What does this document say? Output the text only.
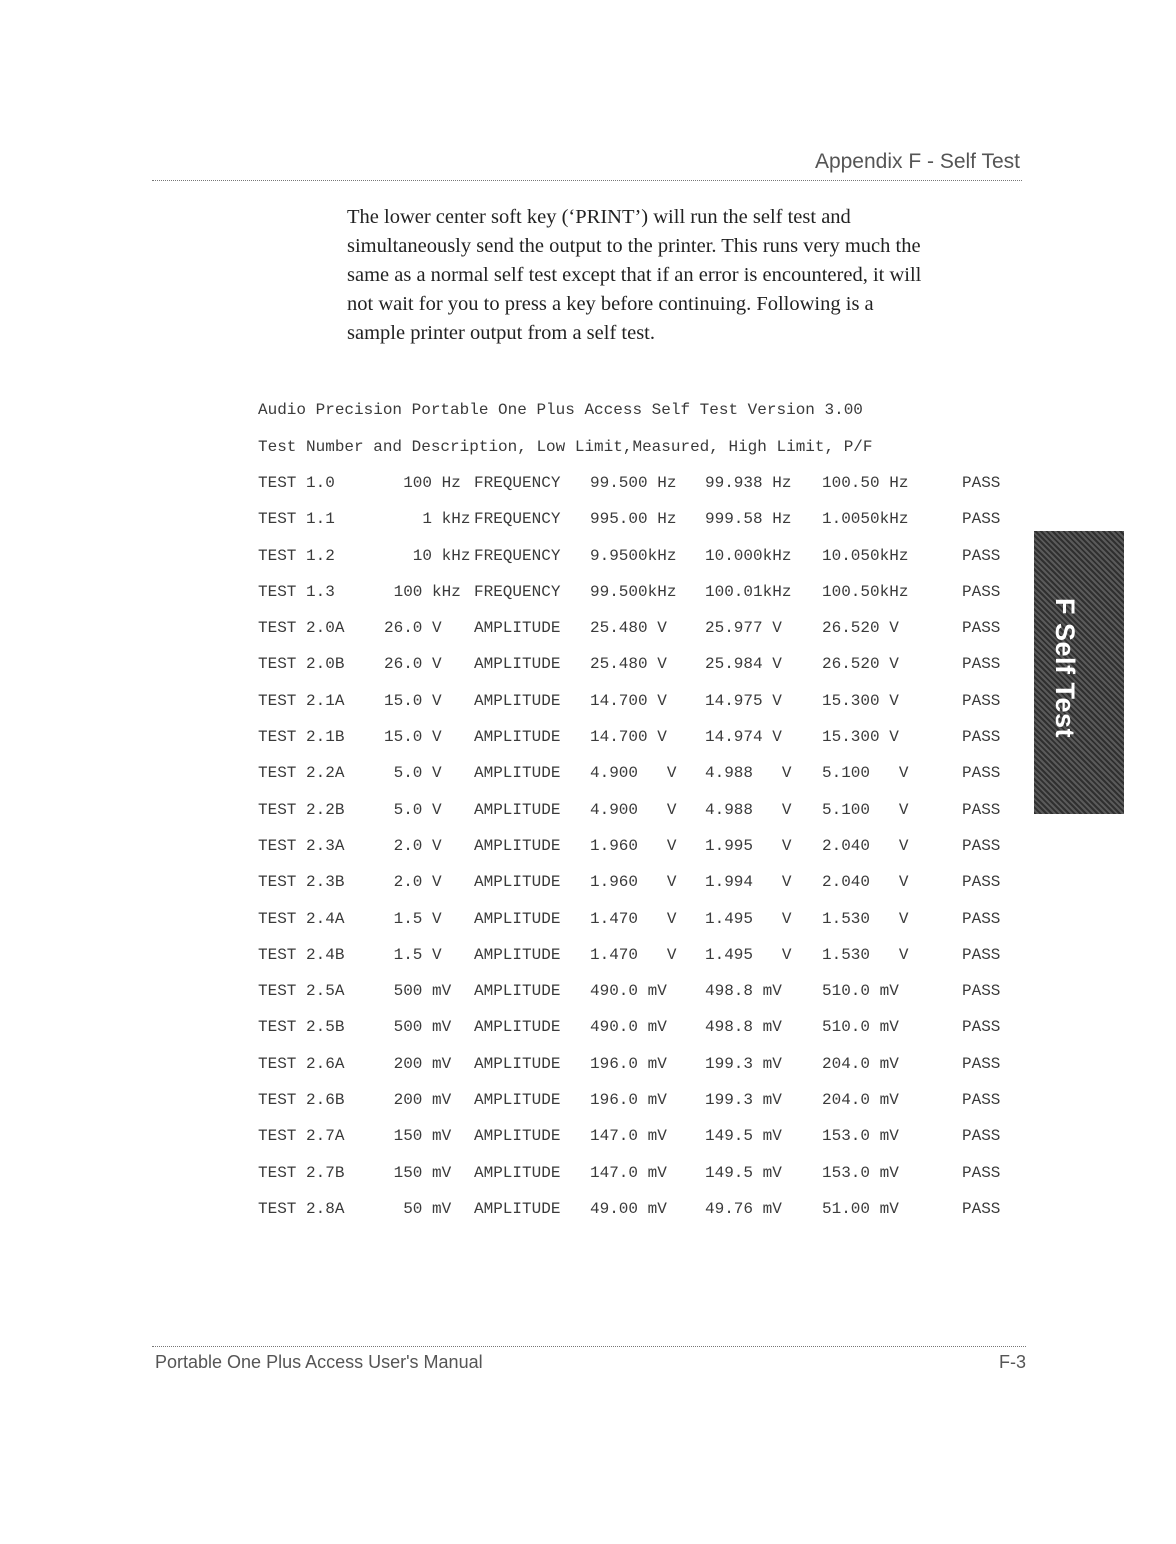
Appendix F - Self Test
The lower center soft key (‘PRINT’) will run the self test and
simultaneously send the output to the printer. This runs very much the
same as a normal self test except that if an error is encountered, it will
not wait for you to press a key before continuing. Following is a
sample printer output from a self test.
Audio Precision Portable One Plus Access Self Test Version 3.00
Test Number and Description, Low Limit,Measured, High Limit, P/F
TEST 1.0	100 Hz FREQUENCY 99.500 Hz 99.938 Hz 100.50 Hz	PASS
TEST 1.1	1 kHz FREQUENCY 995.00 Hz 999.58 Hz 1.0050kHz	PASS
TEST 1.2	10 kHz FREQUENCY 9.9500kHz 10.000kHz 10.050kHz	PASS
TEST 1.3	100 kHz FREQUENCY 99.500kHz 100.01kHz 100.50kHz	PASS
TEST 2.0A 26.0 V AMPLITUDE 25.480 V 25.977 V	26.520 V	PASS
TEST 2.0B 26.0 V AMPLITUDE 25.480 V 25.984 V	26.520 V	PASS
TEST 2.1A 15.0 V AMPLITUDE 14.700 V 14.975 V	15.300 V	PASS
TEST 2.1B 15.0 V AMPLITUDE 14.700 V 14.974 V	15.300 V	PASS
TEST 2.2A 5.0 V AMPLITUDE 4.900   V 4.988   V 5.100   V	PASS
TEST 2.2B 5.0 V AMPLITUDE 4.900   V 4.988   V 5.100   V	PASS
TEST 2.3A 2.0 V AMPLITUDE 1.960   V 1.995   V 2.040   V	PASS
TEST 2.3B 2.0 V AMPLITUDE 1.960   V 1.994   V 2.040   V	PASS
TEST 2.4A 1.5 V AMPLITUDE 1.470   V 1.495   V 1.530   V	PASS
TEST 2.4B 1.5 V AMPLITUDE 1.470   V 1.495   V 1.530   V	PASS
TEST 2.5A 500 mV AMPLITUDE 490.0 mV 498.8 mV	510.0 mV	PASS
TEST 2.5B 500 mV AMPLITUDE 490.0 mV 498.8 mV	510.0 mV	PASS
TEST 2.6A 200 mV AMPLITUDE 196.0 mV 199.3 mV	204.0 mV	PASS
TEST 2.6B 200 mV AMPLITUDE 196.0 mV 199.3 mV	204.0 mV	PASS
TEST 2.7A 150 mV AMPLITUDE 147.0 mV 149.5 mV	153.0 mV	PASS
TEST 2.7B 150 mV AMPLITUDE 147.0 mV 149.5 mV	153.0 mV	PASS
TEST 2.8A  50 mV AMPLITUDE 49.00 mV 49.76 mV	51.00 mV	PASS
F Self Test
Portable One Plus Access User's Manual	F-3
